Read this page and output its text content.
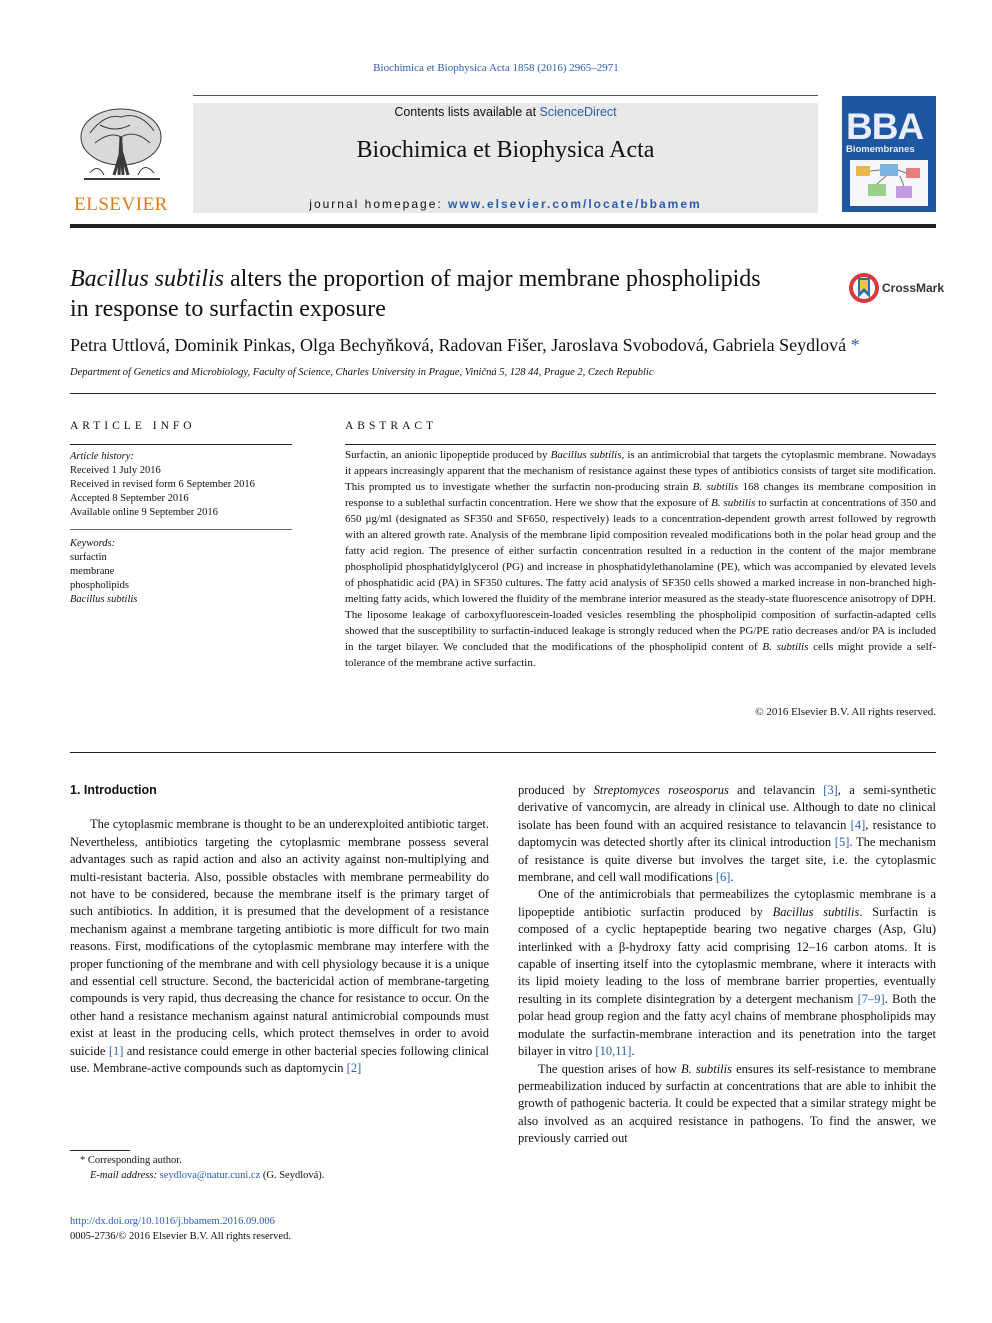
Biochimica et Biophysica Acta 1858 (2016) 2965–2971
ELSEVIER
Contents lists available at ScienceDirect
Biochimica et Biophysica Acta
journal homepage: www.elsevier.com/locate/bbamem
BBA
Biomembranes
Bacillus subtilis alters the proportion of major membrane phospholipids
in response to surfactin exposure
CrossMark
Petra Uttlová, Dominik Pinkas, Olga Bechyňková, Radovan Fišer, Jaroslava Svobodová, Gabriela Seydlová *
Department of Genetics and Microbiology, Faculty of Science, Charles University in Prague, Viničná 5, 128 44, Prague 2, Czech Republic
ARTICLE INFO
Article history:
Received 1 July 2016
Received in revised form 6 September 2016
Accepted 8 September 2016
Available online 9 September 2016
Keywords:
surfactin
membrane
phospholipids
Bacillus subtilis
ABSTRACT
Surfactin, an anionic lipopeptide produced by Bacillus subtilis, is an antimicrobial that targets the cytoplasmic membrane. Nowadays it appears increasingly apparent that the mechanism of resistance against these types of antibiotics consists of target site modification. This prompted us to investigate whether the surfactin non-producing strain B. subtilis 168 changes its membrane composition in response to a sublethal surfactin concentration. Here we show that the exposure of B. subtilis to surfactin at concentrations of 350 and 650 μg/ml (designated as SF350 and SF650, respectively) leads to a concentration-dependent growth arrest followed by regrowth with an altered growth rate. Analysis of the membrane lipid composition revealed modifications both in the polar head group and the fatty acid region. The presence of either surfactin concentration resulted in a reduction in the content of the major membrane phospholipid phosphatidylglycerol (PG) and increase in phosphatidylethanolamine (PE), which was accompanied by elevated levels of phosphatidic acid (PA) in SF350 cultures. The fatty acid analysis of SF350 cells showed a marked increase in non-branched high-melting fatty acids, which lowered the fluidity of the membrane interior measured as the steady-state fluorescence anisotropy of DPH. The liposome leakage of carboxyfluorescein-loaded vesicles resembling the phospholipid composition of surfactin-adapted cells showed that the susceptibility to surfactin-induced leakage is strongly reduced when the PG/PE ratio decreases and/or PA is included in the target bilayer. We concluded that the modifications of the phospholipid content of B. subtilis cells might provide a self-tolerance of the membrane active surfactin.
© 2016 Elsevier B.V. All rights reserved.
1. Introduction

The cytoplasmic membrane is thought to be an underexploited antibiotic target. Nevertheless, antibiotics targeting the cytoplasmic membrane possess several advantages such as rapid action and also an activity against non-multiplying and multi-resistant bacteria. Also, possible obstacles with membrane permeability do not have to be considered, because the membrane itself is the primary target of such antibiotics. In addition, it is presumed that the development of a resistance mechanism against a membrane targeting antibiotic is more difficult for two main reasons. First, modifications of the cytoplasmic membrane may interfere with the proper functioning of the membrane and with cell physiology because it is a unique and essential cell structure. Second, the bactericidal action of membrane-targeting compounds is very rapid, thus decreasing the chance for resistance to occur. On the other hand a resistance mechanism against natural antimicrobial compounds must exist at least in the producing cells, which protect themselves in order to avoid suicide [1] and resistance could emerge in other bacterial species following clinical use. Membrane-active compounds such as daptomycin [2]

produced by Streptomyces roseosporus and telavancin [3], a semi-synthetic derivative of vancomycin, are already in clinical use. Although to date no clinical isolate has been found with an acquired resistance to telavancin [4], resistance to daptomycin was detected shortly after its clinical introduction [5]. The mechanism of resistance is quite diverse but involves the target site, i.e. the cytoplasmic membrane, and cell wall modifications [6].

One of the antimicrobials that permeabilizes the cytoplasmic membrane is a lipopeptide antibiotic surfactin produced by Bacillus subtilis. Surfactin is composed of a cyclic heptapeptide bearing two negative charges (Asp, Glu) interlinked with a β-hydroxy fatty acid comprising 12–16 carbon atoms. It is capable of inserting itself into the cytoplasmic membrane, where it interacts with its lipid moiety leading to the loss of membrane barrier properties, eventually resulting in its complete disintegration by a detergent mechanism [7–9]. Both the polar head group region and the fatty acyl chains of membrane phospholipids may modulate the surfactin-membrane interaction and its penetration into the target bilayer in vitro [10,11].

The question arises of how B. subtilis ensures its self-resistance to membrane permeabilization induced by surfactin at concentrations that are able to inhibit the growth of pathogenic bacteria. It could be expected that a similar strategy might be also involved as an acquired resistance in pathogens. To find the answer, we previously carried out

* Corresponding author.
E-mail address: seydlova@natur.cuni.cz (G. Seydlová).
http://dx.doi.org/10.1016/j.bbamem.2016.09.006
0005-2736/© 2016 Elsevier B.V. All rights reserved.
